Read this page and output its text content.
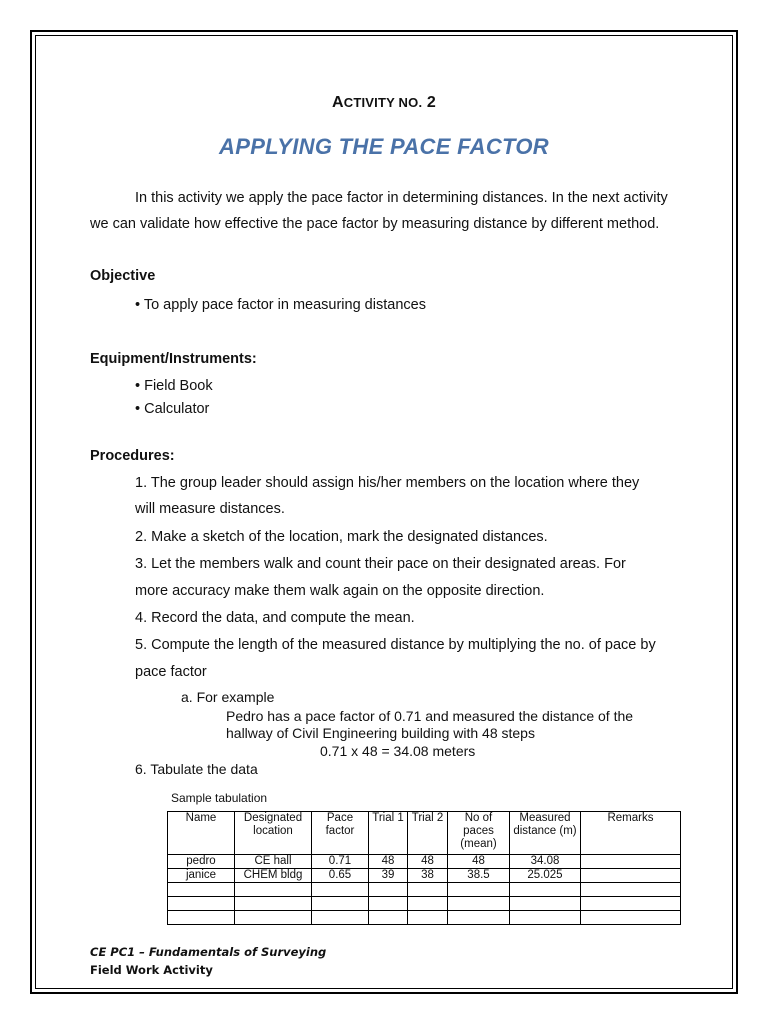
ACTIVITY NO. 2
APPLYING THE PACE FACTOR
In this activity we apply the pace factor in determining distances. In the next activity
we can validate how effective the pace factor by measuring distance by different method.
Objective
• To apply pace factor in measuring distances
Equipment/Instruments:
• Field Book
• Calculator
Procedures:
1. The group leader should assign his/her members on the location where they
will measure distances.
2. Make a sketch of the location, mark the designated distances.
3. Let the members walk and count their pace on their designated areas. For
more accuracy make them walk again on the opposite direction.
4. Record the data, and compute the mean.
5. Compute the length of the measured distance by multiplying the no. of pace by
pace factor
a. For example
Pedro has a pace factor of 0.71 and measured the distance of the
hallway of Civil Engineering building with 48 steps
0.71 x 48 = 34.08 meters
6. Tabulate the data
Sample tabulation
Name	Designated location	Pace factor	Trial 1	Trial 2	No of paces (mean)	Measured distance (m)	Remarks
pedro	CE hall	0.71	48	48	48	34.08	
janice	CHEM bldg	0.65	39	38	38.5	25.025	

CE PC1 – Fundamentals of Surveying
Field Work Activity
